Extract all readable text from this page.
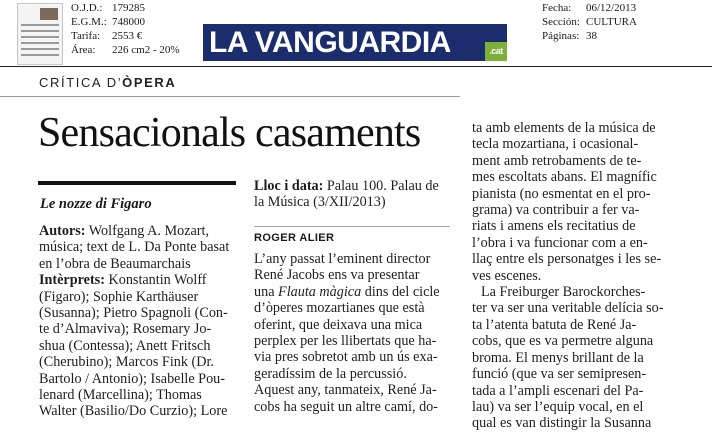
O.J.D.: 179285
E.G.M.: 748000
Tarifa: 2553 €
Área: 226 cm2 - 20%
Fecha: 06/12/2013
Sección: CULTURA
Páginas: 38
LA VANGUARDIA	.cat
CRÍTICA D’ÒPERA
Sensacionals casaments
Le nozze di Figaro
Autors: Wolfgang A. Mozart,
música; text de L. Da Ponte basat
en l’obra de Beaumarchais
Intèrprets: Konstantin Wolff
(Figaro); Sophie Karthäuser
(Susanna); Pietro Spagnoli (Con-
te d’Almaviva); Rosemary Jo-
shua (Contessa); Anett Fritsch
(Cherubino); Marcos Fink (Dr.
Bartolo / Antonio); Isabelle Pou-
lenard (Marcellina); Thomas
Walter (Basilio/Do Curzio); Lore
Lloc i data: Palau 100. Palau de
la Música (3/XII/2013)
ROGER ALIER
L’any passat l’eminent director
René Jacobs ens va presentar
una Flauta màgica dins del cicle
d’òperes mozartianes que està
oferint, que deixava una mica
perplex per les llibertats que ha-
via pres sobretot amb un ús exa-
geradíssim de la percussió.
Aquest any, tanmateix, René Ja-
cobs ha seguit un altre camí, do-
ta amb elements de la música de
tecla mozartiana, i ocasional-
ment amb retrobaments de te-
mes escoltats abans. El magnífic
pianista (no esmentat en el pro-
grama) va contribuir a fer va-
riats i amens els recitatius de
l’obra i va funcionar com a en-
llaç entre els personatges i les se-
ves escenes.
La Freiburger Barockorches-
ter va ser una veritable delícia so-
ta l’atenta batuta de René Ja-
cobs, que es va permetre alguna
broma. El menys brillant de la
funció (que va ser semipresen-
tada a l’ampli escenari del Pa-
lau) va ser l’equip vocal, en el
qual es van distingir la Susanna
